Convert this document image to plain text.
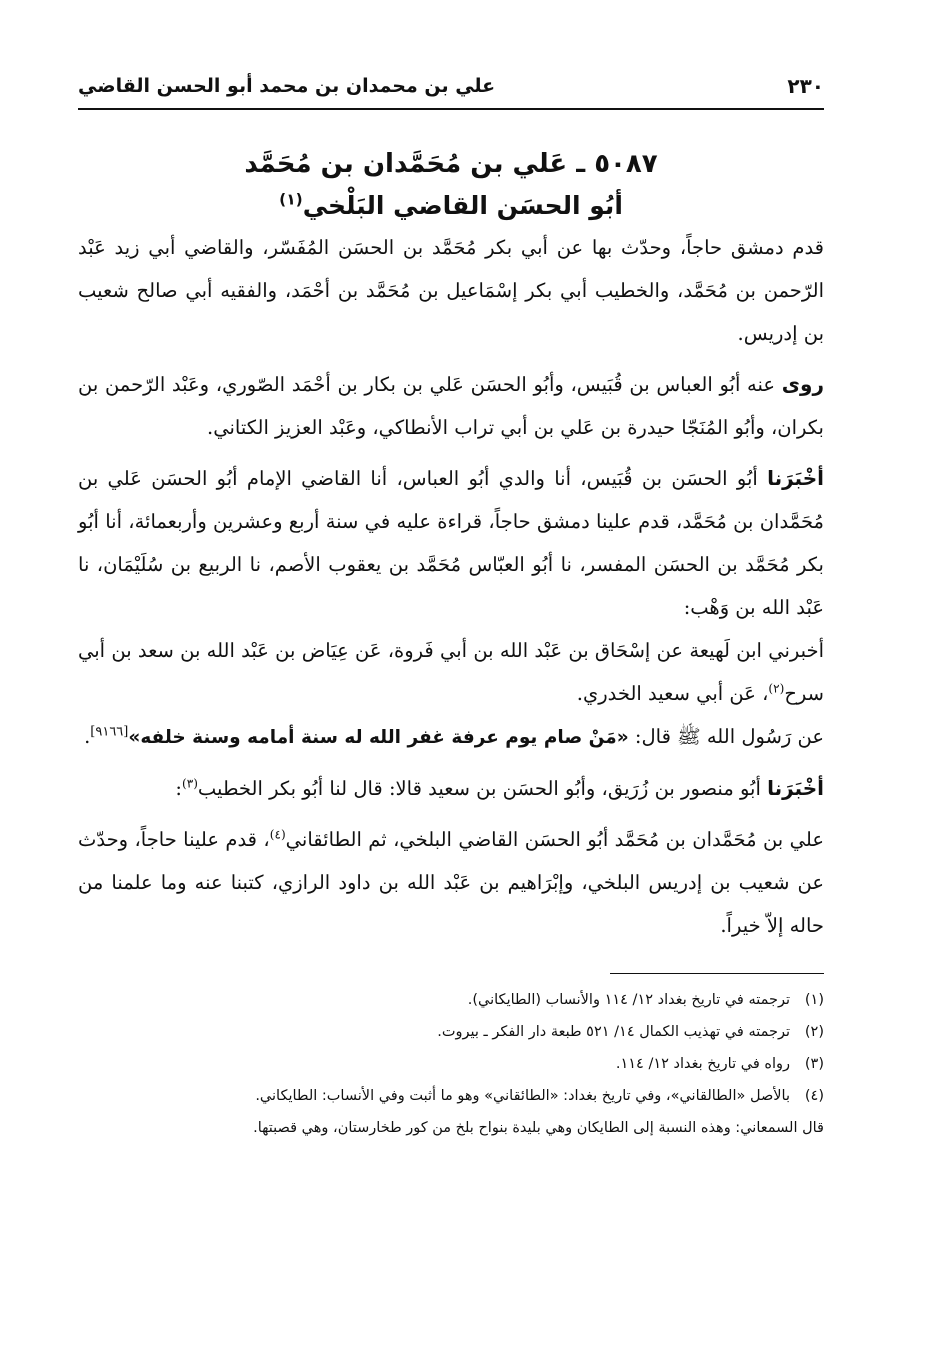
٢٣٠
علي بن محمدان بن محمد أبو الحسن القاضي
٥٠٨٧ ـ عَلي بن مُحَمَّدان بن مُحَمَّد
أبُو الحسَن القاضي البَلْخي$^{(١)}$

قدم دمشق حاجاً، وحدّث بها عن أبي بكر مُحَمَّد بن الحسَن المُفَسّر، والقاضي أبي زيد عَبْد الرّحمن بن مُحَمَّد، والخطيب أبي بكر إسْمَاعيل بن مُحَمَّد بن أحْمَد، والفقيه أبي صالح شعيب بن إدريس.

روى عنه أبُو العباس بن قُبَيس، وأبُو الحسَن عَلي بن بكار بن أحْمَد الصّوري، وعَبْد الرّحمن بن بكران، وأبُو المُنَجّا حيدرة بن عَلي بن أبي تراب الأنطاكي، وعَبْد العزيز الكتاني.

أخْبَرَنا أبُو الحسَن بن قُبَيس، أنا والدي أبُو العباس، أنا القاضي الإمام أبُو الحسَن عَلي بن مُحَمَّدان بن مُحَمَّد، قدم علينا دمشق حاجاً، قراءة عليه في سنة أربع وعشرين وأربعمائة، أنا أبُو بكر مُحَمَّد بن الحسَن المفسر، نا أبُو العبّاس مُحَمَّد بن يعقوب الأصم، نا الربيع بن سُلَيْمَان، نا عَبْد الله بن وَهْب:

أخبرني ابن لَهيعة عن إسْحَاق بن عَبْد الله بن أبي فَروة، عَن عِيَاض بن عَبْد الله بن سعد بن أبي سرح$^{(٢)}$، عَن أبي سعيد الخدري.

عن رَسُول الله ﷺ قال: «مَنْ صام يوم عرفة غفر الله له سنة أمامه وسنة خلفه»[٩١٦٦].

أخْبَرَنا أبُو منصور بن زُرَيق، وأبُو الحسَن بن سعيد قالا: قال لنا أبُو بكر الخطيب$^{(٣)}$:

علي بن مُحَمَّدان بن مُحَمَّد أبُو الحسَن القاضي البلخي، ثم الطائقاني$^{(٤)}$، قدم علينا حاجاً، وحدّث عن شعيب بن إدريس البلخي، وإبْرَاهيم بن عَبْد الله بن داود الرازي، كتبنا عنه وما علمنا من حاله إلاّ خيراً.

(١)ترجمته في تاريخ بغداد ١٢/ ١١٤ والأنساب (الطايكاني).

(٢)ترجمته في تهذيب الكمال ١٤/ ٥٢١ طبعة دار الفكر ـ بيروت.

(٣)رواه في تاريخ بغداد ١٢/ ١١٤.

(٤)بالأصل «الطالقاني»، وفي تاريخ بغداد: «الطائقاني» وهو ما أثبت وفي الأنساب: الطايكاني.

قال السمعاني: وهذه النسبة إلى الطايكان وهي بليدة بنواح بلخ من كور طخارستان، وهي قصبتها.
